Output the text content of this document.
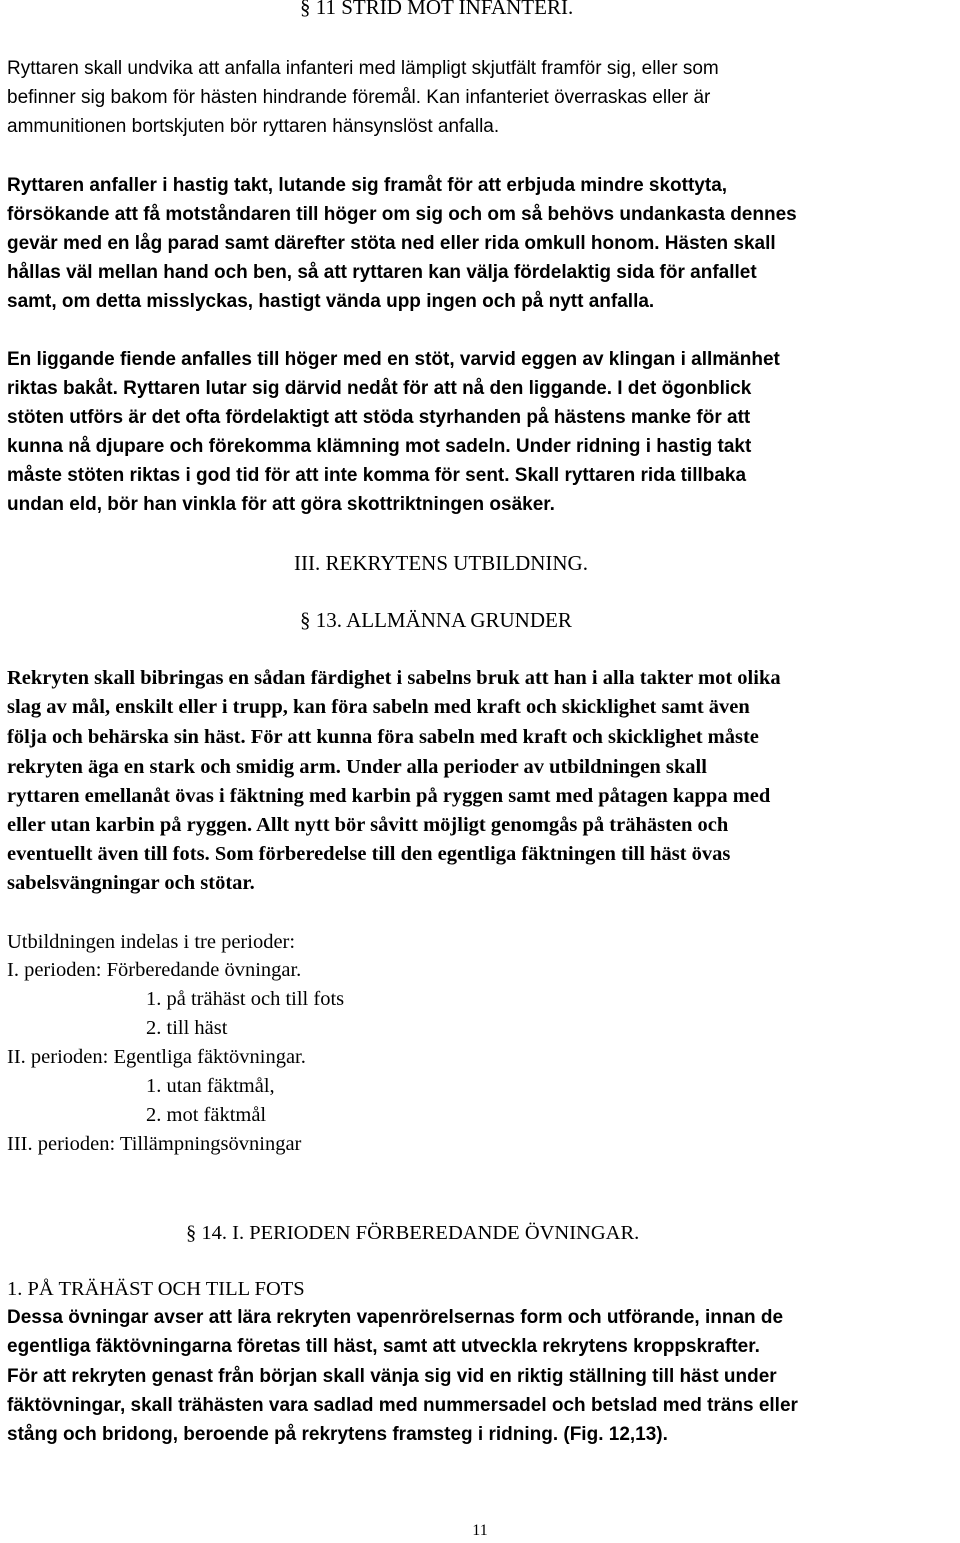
§ 11 STRID MOT INFANTERI.
Ryttaren skall undvika att anfalla infanteri med lämpligt skjutfält framför sig, eller som
befinner sig bakom för hästen hindrande föremål. Kan infanteriet överraskas eller är
ammunitionen bortskjuten bör ryttaren hänsynslöst anfalla.
Ryttaren anfaller i hastig takt, lutande sig framåt för att erbjuda mindre skottyta,
försökande att få motståndaren till höger om sig och om så behövs undankasta dennes
gevär med en låg parad samt därefter stöta ned eller rida omkull honom. Hästen skall
hållas väl mellan hand och ben, så att ryttaren kan välja fördelaktig sida för anfallet
samt, om detta misslyckas, hastigt vända upp ingen och på nytt anfalla.
En liggande fiende anfalles till höger med en stöt, varvid eggen av klingan i allmänhet
riktas bakåt. Ryttaren lutar sig därvid nedåt för att nå den liggande. I det ögonblick
stöten utförs är det ofta fördelaktigt att stöda styrhanden på hästens manke för att
kunna nå djupare och förekomma klämning mot sadeln. Under ridning i hastig takt
måste stöten riktas i god tid för att inte komma för sent. Skall ryttaren rida tillbaka
undan eld, bör han vinkla för att göra skottriktningen osäker.
III. REKRYTENS UTBILDNING.
§ 13. ALLMÄNNA GRUNDER
Rekryten skall bibringas en sådan färdighet i sabelns bruk att han i alla takter mot olika
slag av mål, enskilt eller i trupp, kan föra sabeln med kraft och skicklighet samt även
följa och behärska sin häst. För att kunna föra sabeln med kraft och skicklighet måste
rekryten äga en stark och smidig arm. Under alla perioder av utbildningen skall
ryttaren emellanåt övas i fäktning med karbin på ryggen samt med påtagen kappa med
eller utan karbin på ryggen. Allt nytt bör såvitt möjligt genomgås på trähästen och
eventuellt även till fots. Som förberedelse till den egentliga fäktningen till häst övas
sabelsvängningar och stötar.
Utbildningen indelas i tre perioder:
I. perioden: Förberedande övningar.
1. på trähäst och till fots
2. till häst
II. perioden: Egentliga fäktövningar.
1. utan fäktmål,
2. mot fäktmål
III. perioden: Tillämpningsövningar
§ 14. I. PERIODEN FÖRBEREDANDE ÖVNINGAR.
1. PÅ TRÄHÄST OCH TILL FOTS
Dessa övningar avser att lära rekryten vapenrörelsernas form och utförande, innan de
egentliga fäktövningarna företas till häst, samt att utveckla rekrytens kroppskrafter.
För att rekryten genast från början skall vänja sig vid en riktig ställning till häst under
fäktövningar, skall trähästen vara sadlad med nummersadel och betslad med träns eller
stång och bridong, beroende på rekrytens framsteg i ridning. (Fig. 12,13).
11
